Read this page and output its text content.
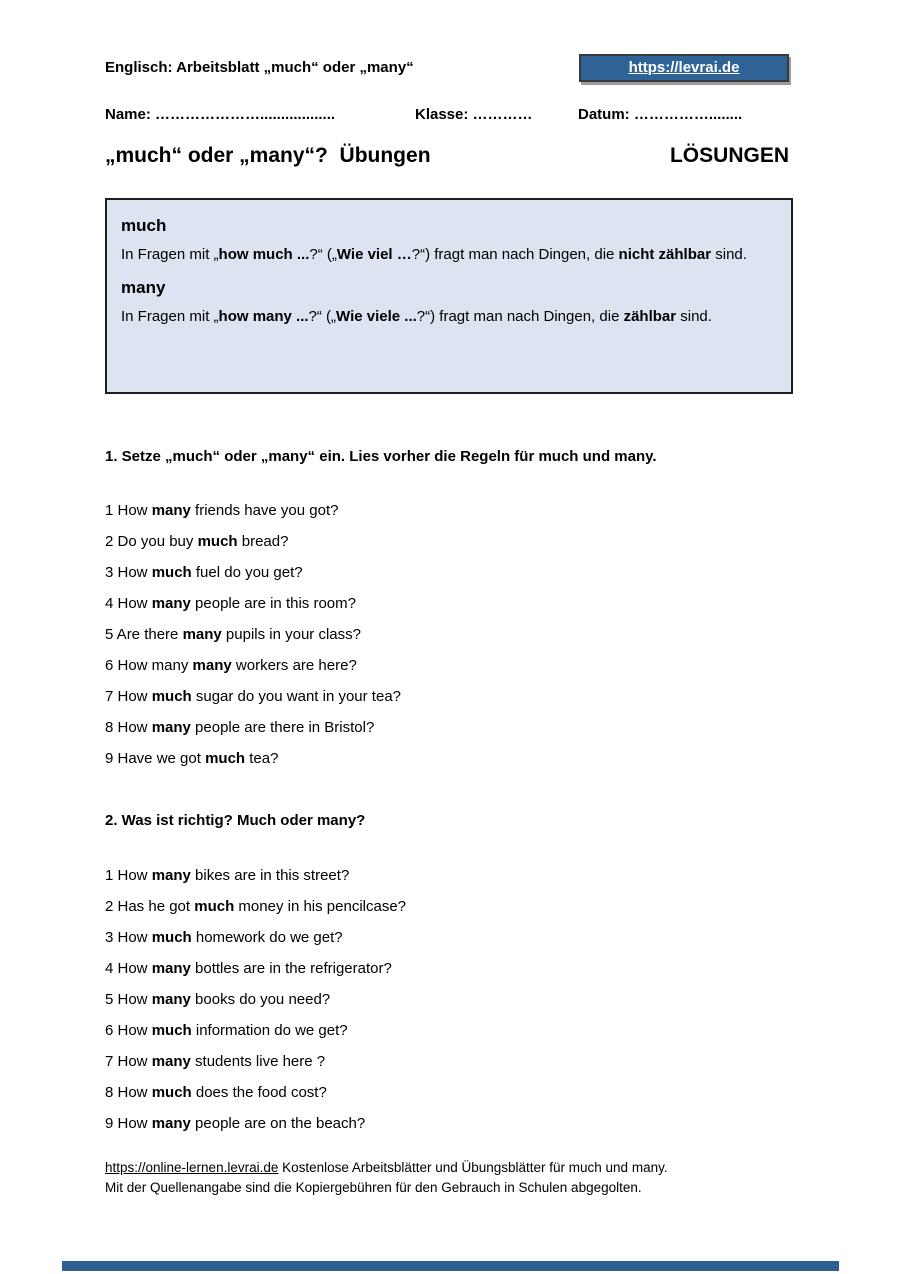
Englisch: Arbeitsblatt „much“ oder „many“	https://levrai.de
Name: …………………..................	Klasse: …………	Datum: ……………........
„much“ oder „many“?  Übungen	LÖSUNGEN
much

In Fragen mit „how much ...?“ („Wie viel …?“) fragt man nach Dingen, die nicht zählbar sind.

many

In Fragen mit „how many ...?“ („Wie viele ...?“) fragt man nach Dingen, die zählbar sind.

1. Setze „much“ oder „many“ ein. Lies vorher die Regeln für much und many.
1 How many friends have you got?
2 Do you buy much bread?
3 How much fuel do you get?
4 How many people are in this room?
5 Are there many pupils in your class?
6 How many many workers are here?
7 How much sugar do you want in your tea?
8 How many people are there in Bristol?
9 Have we got much tea?
2. Was ist richtig? Much oder many?
1 How many bikes are in this street?
2 Has he got much money in his pencilcase?
3 How much homework do we get?
4 How many bottles are in the refrigerator?
5 How many books do you need?
6 How much information do we get?
7 How many students live here ?
8 How much does the food cost?
9 How many people are on the beach?
https://online-lernen.levrai.de Kostenlose Arbeitsblätter und Übungsblätter für much und many.
Mit der Quellenangabe sind die Kopiergebühren für den Gebrauch in Schulen abgegolten.
